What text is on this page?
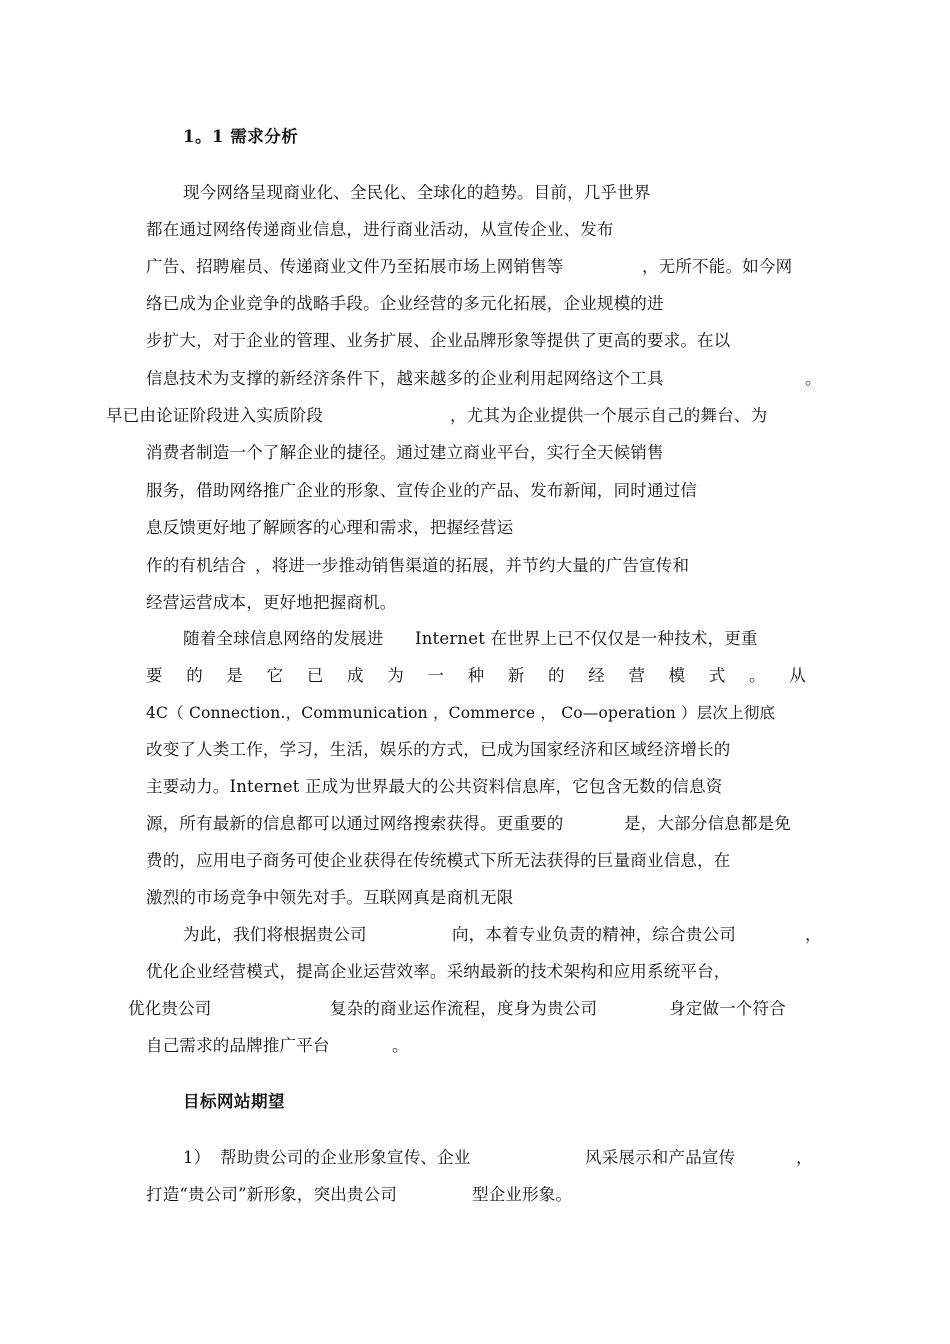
1。1 需求分析
现今网络呈现商业化、全民化、全球化的趋势。目前，几乎世界
都在通过网络传递商业信息，进行商业活动，从宣传企业、发布
广告、招聘雇员、传递商业文件乃至拓展市场上网销售等	，无所不能。如今网
络已成为企业竞争的战略手段。企业经营的多元化拓展，企业规模的进
步扩大，对于企业的管理、业务扩展、企业品牌形象等提供了更高的要求。在以
信息技术为支撑的新经济条件下，越来越多的企业利用起网络这个工具	。
早已由论证阶段进入实质阶段	，尤其为企业提供一个展示自己的舞台、为
消费者制造一个了解企业的捷径。通过建立商业平台，实行全天候销售
服务，借助网络推广企业的形象、宣传企业的产品、发布新闻，同时通过信
息反馈更好地了解顾客的心理和需求，把握经营运
作的有机结合 ，将进一步推动销售渠道的拓展，并节约大量的广告宣传和
经营运营成本，更好地把握商机。
随着全球信息网络的发展进 Internet 在世界上已不仅仅是一种技术，更重
要 的 是 它 已 成 为 一 种 新 的 经 营 模 式 。 从
4C（ Connection.，Communication ，Commerce ， Co—operation ）层次上彻底
改变了人类工作，学习，生活，娱乐的方式，已成为国家经济和区域经济增长的
主要动力。Internet 正成为世界最大的公共资料信息库，它包含无数的信息资
源，所有最新的信息都可以通过网络搜索获得。更重要的	是，大部分信息都是免
费的，应用电子商务可使企业获得在传统模式下所无法获得的巨量商业信息，在
激烈的市场竞争中领先对手。互联网真是商机无限
为此，我们将根据贵公司	向，本着专业负责的精神，综合贵公司	，
优化企业经营模式，提高企业运营效率。采纳最新的技术架构和应用系统平台，
优化贵公司	复杂的商业运作流程，度身为贵公司	身定做一个符合
自己需求的品牌推广平台	。
目标网站期望
1） 帮助贵公司的企业形象宣传、企业	风采展示和产品宣传	，
打造“贵公司”新形象，突出贵公司	型企业形象。
